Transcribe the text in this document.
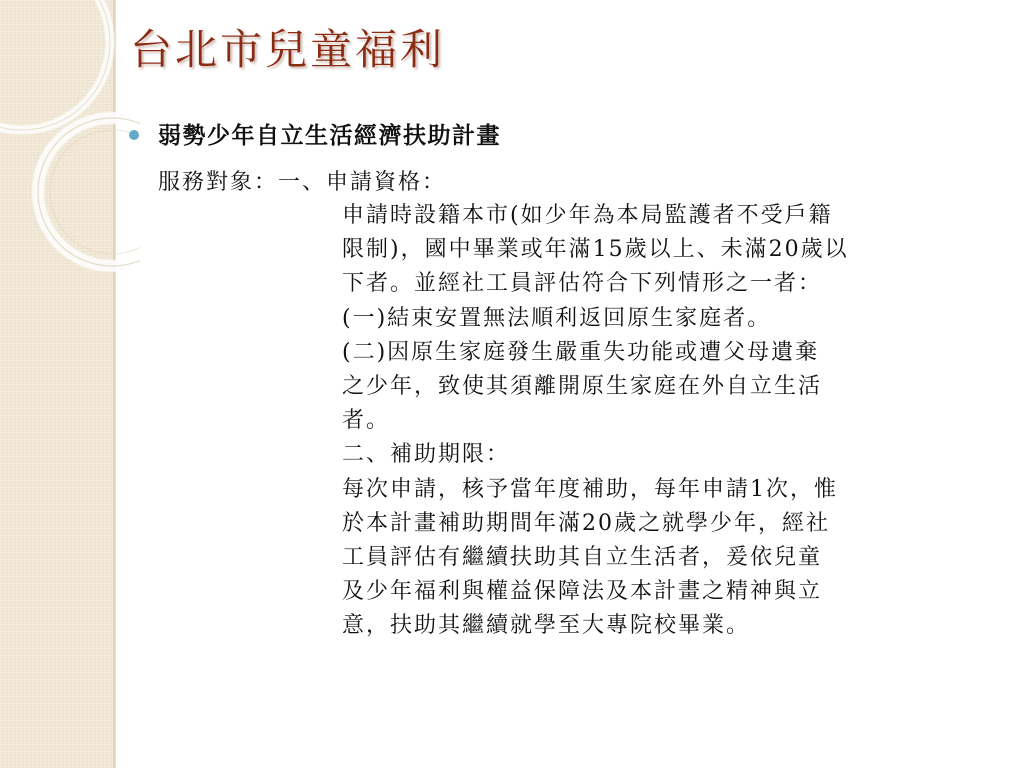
台北市兒童福利
弱勢少年自立生活經濟扶助計畫
服務對象：一、申請資格：
申請時設籍本市(如少年為本局監護者不受戶籍
限制)，國中畢業或年滿15歲以上、未滿20歲以
下者。並經社工員評估符合下列情形之一者：
(一)結束安置無法順利返回原生家庭者。
(二)因原生家庭發生嚴重失功能或遭父母遺棄
之少年，致使其須離開原生家庭在外自立生活
者。
二、補助期限：
每次申請，核予當年度補助，每年申請1次，惟
於本計畫補助期間年滿20歲之就學少年，經社
工員評估有繼續扶助其自立生活者，爰依兒童
及少年福利與權益保障法及本計畫之精神與立
意，扶助其繼續就學至大專院校畢業。
